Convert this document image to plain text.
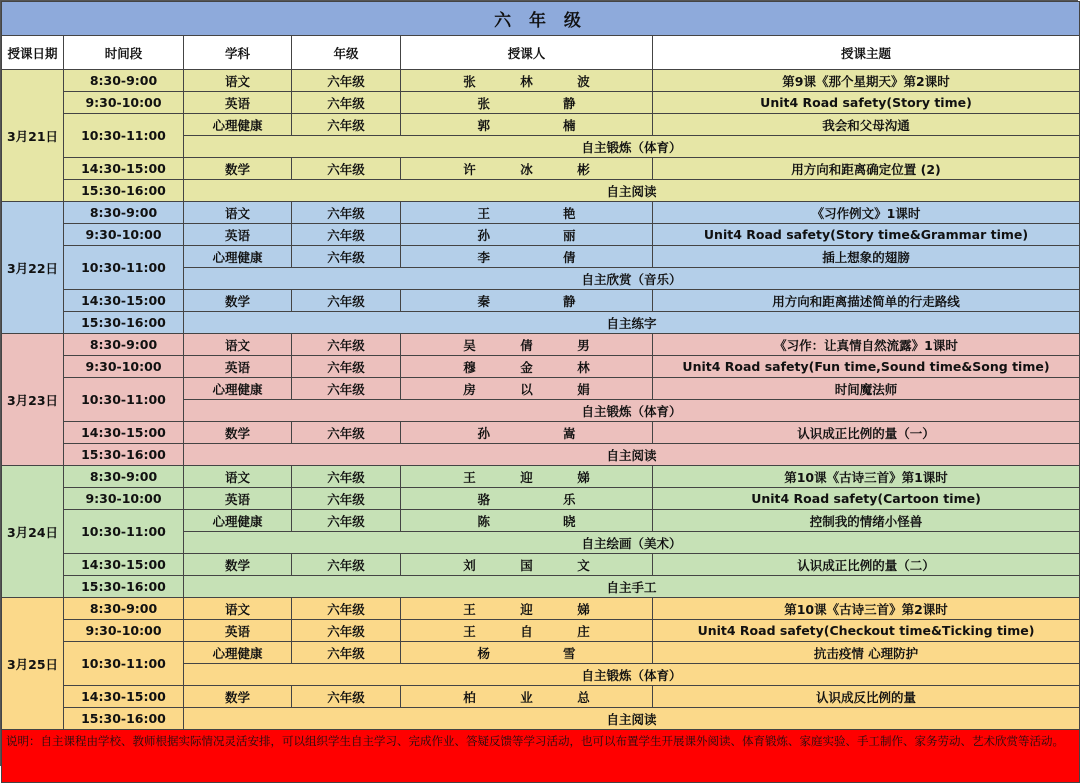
六 年 级					
授课日期	时间段	学科	年级	授课人	授课主题
3月21日	8:30-9:00	语文	六年级	张 林 波	第9课《那个星期天》第2课时
	9:30-10:00	英语	六年级	张 静	Unit4 Road safety(Story time)
	10:30-11:00	心理健康	六年级	郭 楠	我会和父母沟通
		自主锻炼（体育）			
	14:30-15:00	数学	六年级	许 冰 彬	用方向和距离确定位置 (2)
	15:30-16:00	自主阅读			
3月22日	8:30-9:00	语文	六年级	王 艳	《习作例文》1课时
	9:30-10:00	英语	六年级	孙 丽	Unit4 Road safety(Story time&Grammar time)
	10:30-11:00	心理健康	六年级	李 倩	插上想象的翅膀
		自主欣赏（音乐）			
	14:30-15:00	数学	六年级	秦 静	用方向和距离描述简单的行走路线
	15:30-16:00	自主练字			
3月23日	8:30-9:00	语文	六年级	吴 倩 男	《习作：让真情自然流露》1课时
	9:30-10:00	英语	六年级	穆 金 林	Unit4 Road safety(Fun time,Sound time&Song time)
	10:30-11:00	心理健康	六年级	房 以 娟	时间魔法师
		自主锻炼（体育）			
	14:30-15:00	数学	六年级	孙 嵩	认识成正比例的量（一）
	15:30-16:00	自主阅读			
3月24日	8:30-9:00	语文	六年级	王 迎 娣	第10课《古诗三首》第1课时
	9:30-10:00	英语	六年级	骆 乐	Unit4 Road safety(Cartoon time)
	10:30-11:00	心理健康	六年级	陈 晓	控制我的情绪小怪兽
		自主绘画（美术）			
	14:30-15:00	数学	六年级	刘 国 文	认识成正比例的量（二）
	15:30-16:00	自主手工			
3月25日	8:30-9:00	语文	六年级	王 迎 娣	第10课《古诗三首》第2课时
	9:30-10:00	英语	六年级	王 自 庄	Unit4 Road safety(Checkout time&Ticking time)
	10:30-11:00	心理健康	六年级	杨 雪	抗击疫情 心理防护
		自主锻炼（体育）			
	14:30-15:00	数学	六年级	柏 业 总	认识成反比例的量
	15:30-16:00	自主阅读			
说明：自主课程由学校、教师根据实际情况灵活安排，可以组织学生自主学习、完成作业、答疑反馈等学习活动，也可以布置学生开展课外阅读、体育锻炼、家庭实验、手工制作、家务劳动、艺术欣赏等活动。					
